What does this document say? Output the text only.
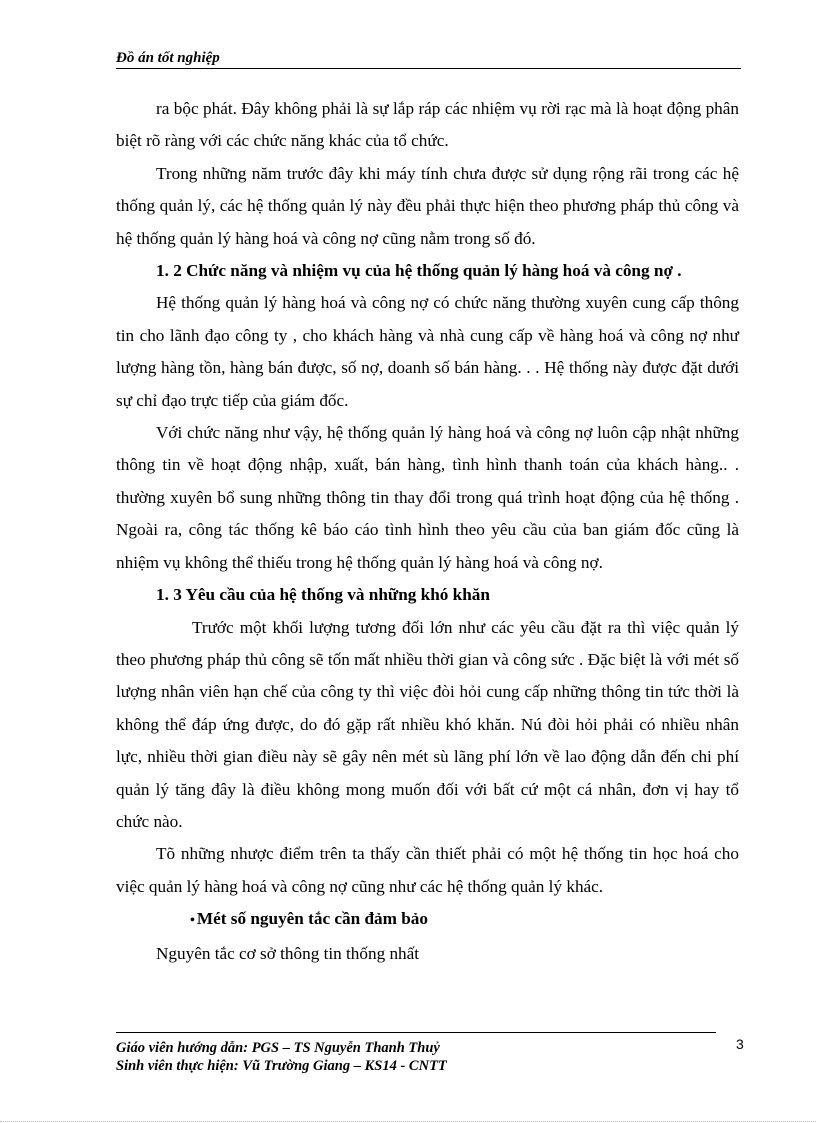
Đồ án tốt nghiệp

ra bộc phát. Đây không phải là sự lắp ráp các nhiệm vụ rời rạc mà là hoạt động phân biệt rõ ràng với các chức năng khác của tổ chức.

Trong những năm trước đây khi máy tính chưa được sử dụng rộng rãi trong các hệ thống quản lý, các hệ thống quản lý này đều phải thực hiện theo phương pháp thủ công và hệ thống quản lý hàng hoá và công nợ cũng nằm trong số đó.

1. 2 Chức năng và nhiệm vụ của hệ thống quản lý hàng hoá và công nợ .

Hệ thống quản lý hàng hoá và công nợ có chức năng thường xuyên cung cấp thông tin cho lãnh đạo công ty , cho khách hàng và nhà cung cấp về hàng hoá và công nợ như lượng hàng tồn, hàng bán được, số nợ, doanh số bán hàng. . . Hệ thống này được đặt dưới sự chỉ đạo trực tiếp của giám đốc.

Với chức năng như vậy, hệ thống quản lý hàng hoá và công nợ luôn cập nhật những thông tin về hoạt động nhập, xuất, bán hàng, tình hình thanh toán của khách hàng.. . thường xuyên bổ sung những thông tin thay đổi trong quá trình hoạt động của hệ thống . Ngoài ra, công tác thống kê báo cáo tình hình theo yêu cầu của ban giám đốc cũng là nhiệm vụ không thể thiếu trong hệ thống quản lý hàng hoá và công nợ.

1. 3 Yêu cầu của hệ thống và những khó khăn

Trước một khối lượng tương đối lớn như các yêu cầu đặt ra thì việc quản lý theo phương pháp thủ công sẽ tốn mất nhiều thời gian và công sức . Đặc biệt là với mét số lượng nhân viên hạn chế của công ty thì việc đòi hỏi cung cấp những thông tin tức thời là không thể đáp ứng được, do đó gặp rất nhiều khó khăn. Nú đòi hỏi phải có nhiều nhân lực, nhiều thời gian điều này sẽ gây nên mét sù lãng phí lớn về lao động dẫn đến chi phí quản lý tăng đây là điều không mong muốn đối với bất cứ một cá nhân, đơn vị hay tổ chức nào.

Tõ những nhược điểm trên ta thấy cần thiết phải có một hệ thống tin học hoá cho việc quản lý hàng hoá và công nợ cũng như các hệ thống quản lý khác.

• Mét số nguyên tắc cần đảm bảo

Nguyên tắc cơ sở thông tin thống nhất

3
Giáo viên hướng dẫn: PGS – TS Nguyễn Thanh Thuỷ
Sinh viên thực hiện: Vũ Trường Giang – KS14 - CNTT
